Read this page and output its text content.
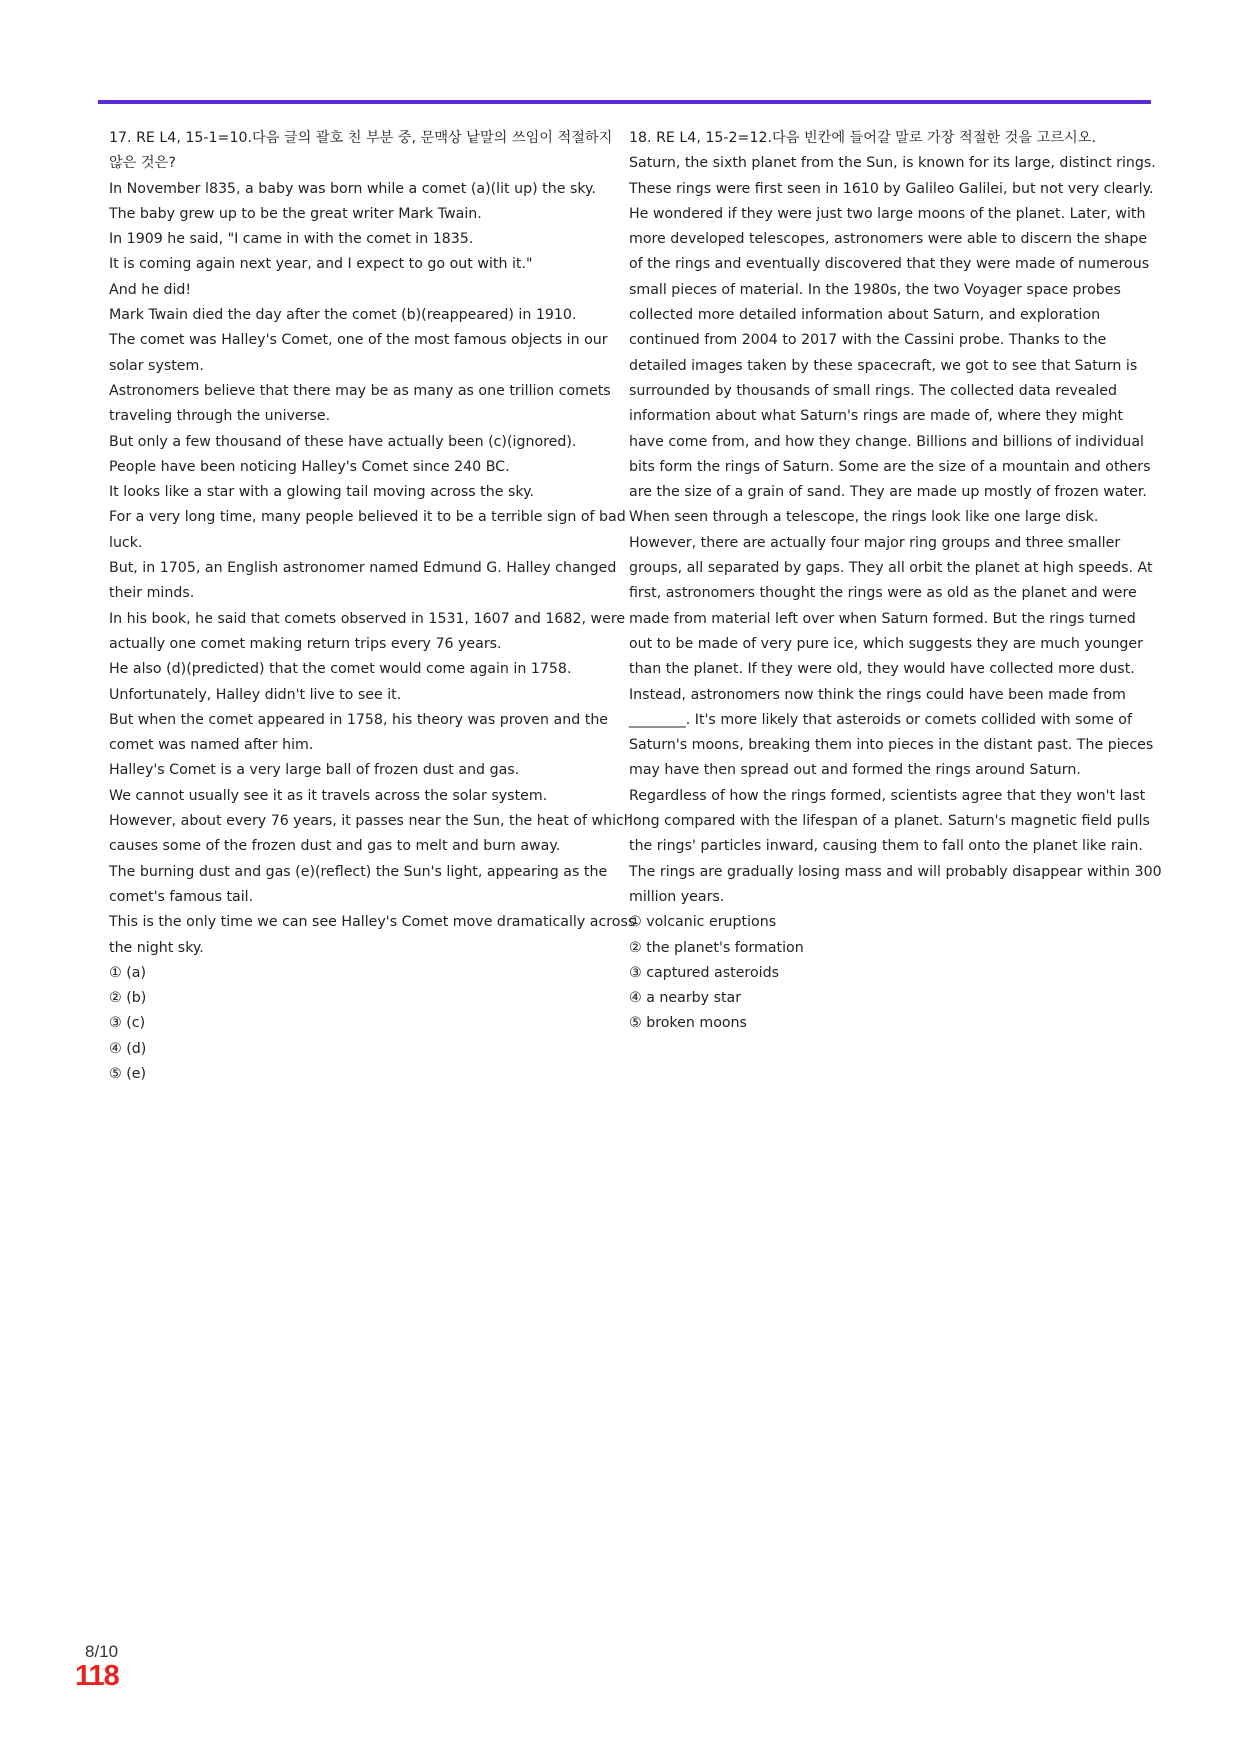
17. RE L4, 15-1=10.다음 글의 괄호 친 부분 중, 문맥상 낱말의 쓰임이 적절하지
않은 것은?
In November l835, a baby was born while a comet (a)(lit up) the sky.
The baby grew up to be the great writer Mark Twain.
In 1909 he said, "I came in with the comet in 1835.
It is coming again next year, and I expect to go out with it."
And he did!
Mark Twain died the day after the comet (b)(reappeared) in 1910.
The comet was Halley's Comet, one of the most famous objects in our
solar system.
Astronomers believe that there may be as many as one trillion comets
traveling through the universe.
But only a few thousand of these have actually been (c)(ignored).
People have been noticing Halley's Comet since 240 BC.
It looks like a star with a glowing tail moving across the sky.
For a very long time, many people believed it to be a terrible sign of bad
luck.
But, in 1705, an English astronomer named Edmund G. Halley changed
their minds.
In his book, he said that comets observed in 1531, 1607 and 1682, were
actually one comet making return trips every 76 years.
He also (d)(predicted) that the comet would come again in 1758.
Unfortunately, Halley didn't live to see it.
But when the comet appeared in 1758, his theory was proven and the
comet was named after him.
Halley's Comet is a very large ball of frozen dust and gas.
We cannot usually see it as it travels across the solar system.
However, about every 76 years, it passes near the Sun, the heat of which
causes some of the frozen dust and gas to melt and burn away.
The burning dust and gas (e)(reflect) the Sun's light, appearing as the
comet's famous tail.
This is the only time we can see Halley's Comet move dramatically across
the night sky.
① (a)
② (b)
③ (c)
④ (d)
⑤ (e)
18. RE L4, 15-2=12.다음 빈칸에 들어갈 말로 가장 적절한 것을 고르시오.
Saturn, the sixth planet from the Sun, is known for its large, distinct rings.
These rings were first seen in 1610 by Galileo Galilei, but not very clearly.
He wondered if they were just two large moons of the planet. Later, with
more developed telescopes, astronomers were able to discern the shape
of the rings and eventually discovered that they were made of numerous
small pieces of material. In the 1980s, the two Voyager space probes
collected more detailed information about Saturn, and exploration
continued from 2004 to 2017 with the Cassini probe. Thanks to the
detailed images taken by these spacecraft, we got to see that Saturn is
surrounded by thousands of small rings. The collected data revealed
information about what Saturn's rings are made of, where they might
have come from, and how they change. Billions and billions of individual
bits form the rings of Saturn. Some are the size of a mountain and others
are the size of a grain of sand. They are made up mostly of frozen water.
When seen through a telescope, the rings look like one large disk.
However, there are actually four major ring groups and three smaller
groups, all separated by gaps. They all orbit the planet at high speeds. At
first, astronomers thought the rings were as old as the planet and were
made from material left over when Saturn formed. But the rings turned
out to be made of very pure ice, which suggests they are much younger
than the planet. If they were old, they would have collected more dust.
Instead, astronomers now think the rings could have been made from
________. It's more likely that asteroids or comets collided with some of
Saturn's moons, breaking them into pieces in the distant past. The pieces
may have then spread out and formed the rings around Saturn.
Regardless of how the rings formed, scientists agree that they won't last
long compared with the lifespan of a planet. Saturn's magnetic field pulls
the rings' particles inward, causing them to fall onto the planet like rain.
The rings are gradually losing mass and will probably disappear within 300
million years.
① volcanic eruptions
② the planet's formation
③ captured asteroids
④ a nearby star
⑤ broken moons
8/10
118
